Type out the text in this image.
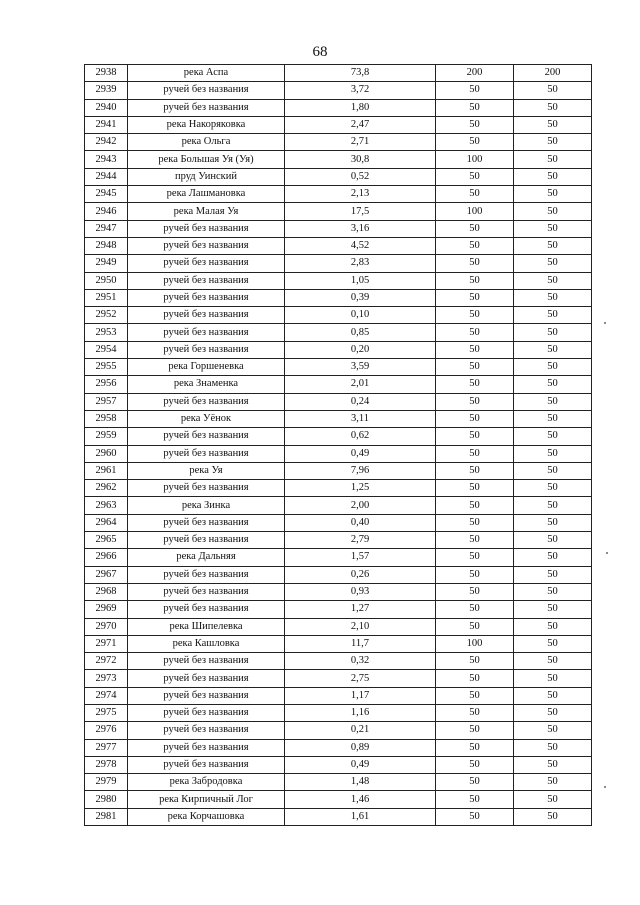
68
2938	река Аспа	73,8	200	200
2939	ручей без названия	3,72	50	50
2940	ручей без названия	1,80	50	50
2941	река Накоряковка	2,47	50	50
2942	река Ольга	2,71	50	50
2943	река Большая Уя (Уя)	30,8	100	50
2944	пруд Уинский	0,52	50	50
2945	река Лашмановка	2,13	50	50
2946	река Малая Уя	17,5	100	50
2947	ручей без названия	3,16	50	50
2948	ручей без названия	4,52	50	50
2949	ручей без названия	2,83	50	50
2950	ручей без названия	1,05	50	50
2951	ручей без названия	0,39	50	50
2952	ручей без названия	0,10	50	50
2953	ручей без названия	0,85	50	50
2954	ручей без названия	0,20	50	50
2955	река Горшеневка	3,59	50	50
2956	река Знаменка	2,01	50	50
2957	ручей без названия	0,24	50	50
2958	река Уёнок	3,11	50	50
2959	ручей без названия	0,62	50	50
2960	ручей без названия	0,49	50	50
2961	река Уя	7,96	50	50
2962	ручей без названия	1,25	50	50
2963	река Зинка	2,00	50	50
2964	ручей без названия	0,40	50	50
2965	ручей без названия	2,79	50	50
2966	река Дальняя	1,57	50	50
2967	ручей без названия	0,26	50	50
2968	ручей без названия	0,93	50	50
2969	ручей без названия	1,27	50	50
2970	река Шипелевка	2,10	50	50
2971	река Кашловка	11,7	100	50
2972	ручей без названия	0,32	50	50
2973	ручей без названия	2,75	50	50
2974	ручей без названия	1,17	50	50
2975	ручей без названия	1,16	50	50
2976	ручей без названия	0,21	50	50
2977	ручей без названия	0,89	50	50
2978	ручей без названия	0,49	50	50
2979	река Забродовка	1,48	50	50
2980	река Кирпичный Лог	1,46	50	50
2981	река Корчашовка	1,61	50	50
